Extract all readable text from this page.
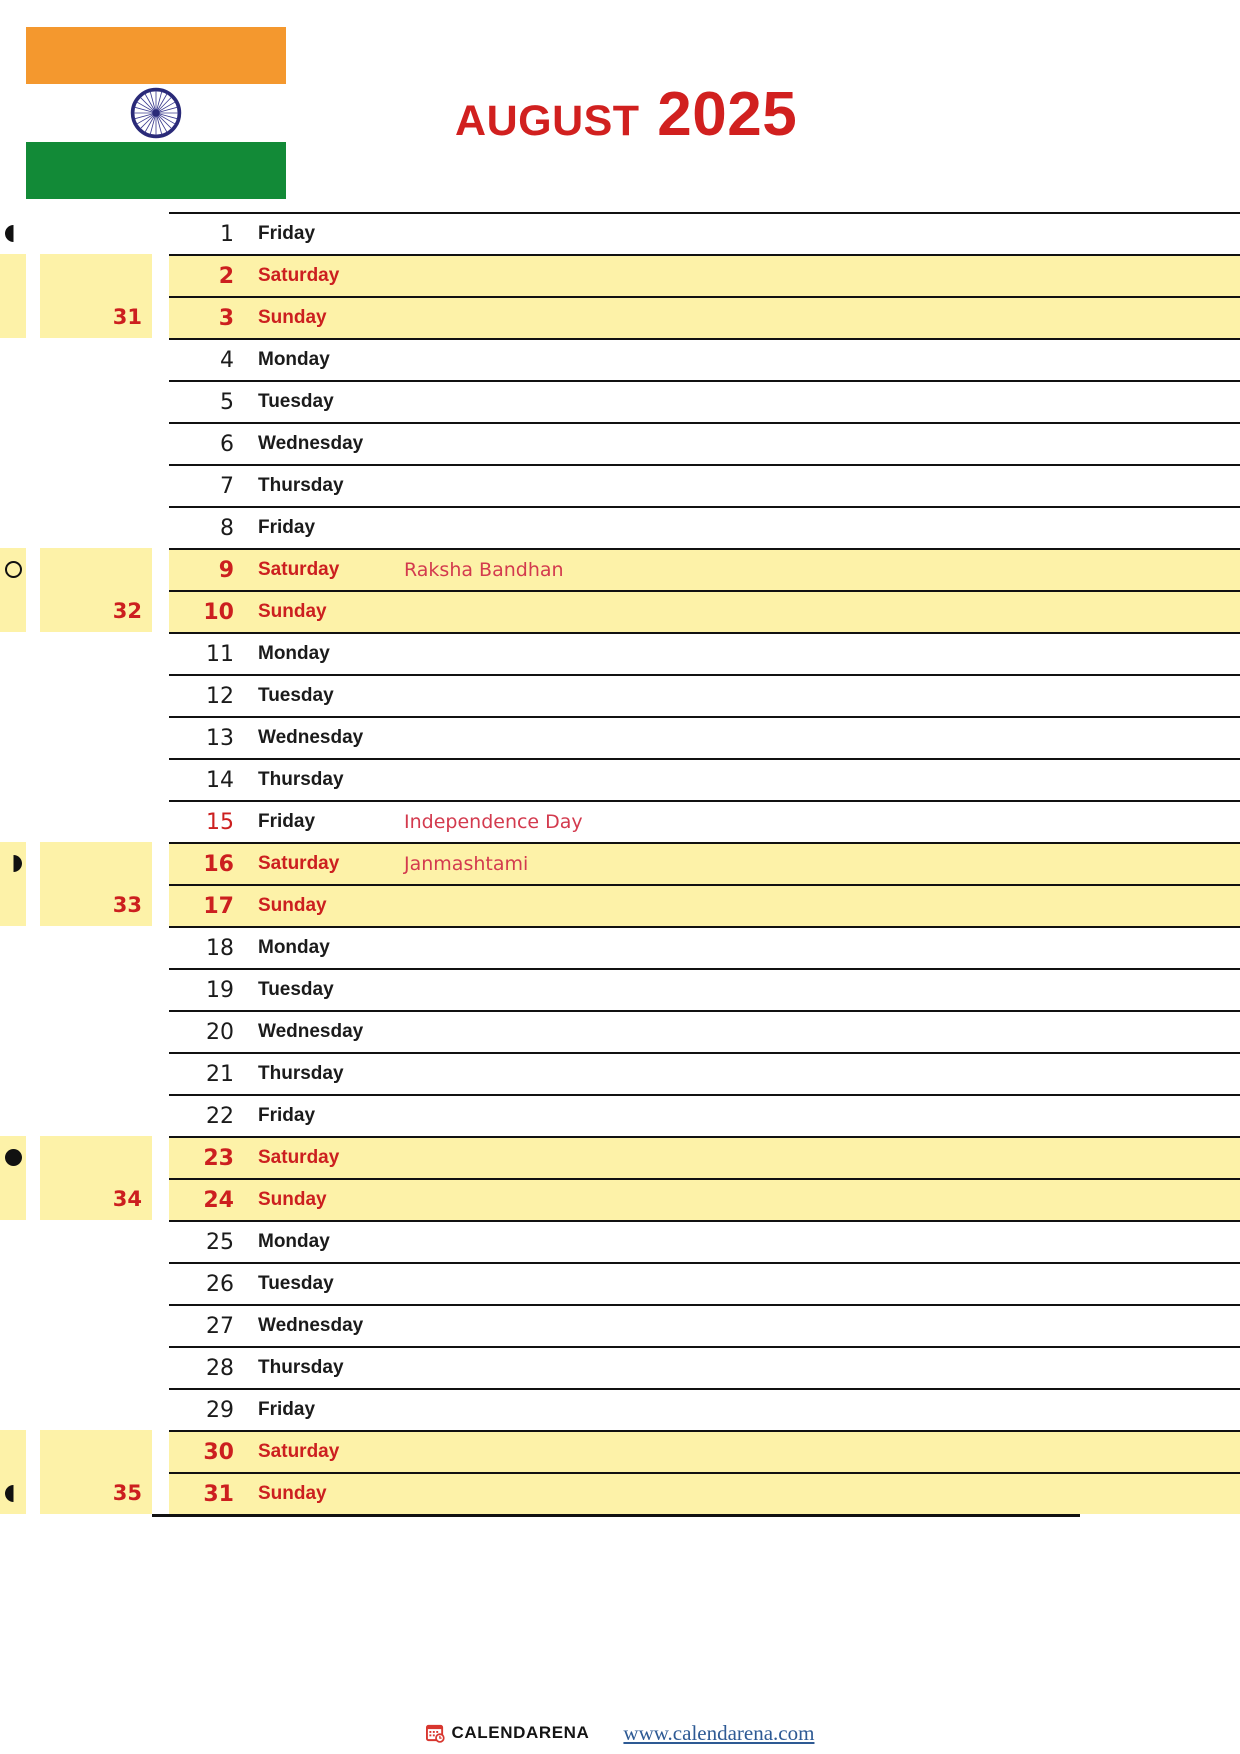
august 2025
1	Friday
2	Saturday
31	3	Sunday
4	Monday
5	Tuesday
6	Wednesday
7	Thursday
8	Friday
9	Saturday	Raksha Bandhan
32	10	Sunday
11	Monday
12	Tuesday
13	Wednesday
14	Thursday
15	Friday	Independence Day
16	Saturday	Janmashtami
33	17	Sunday
18	Monday
19	Tuesday
20	Wednesday
21	Thursday
22	Friday
23	Saturday
34	24	Sunday
25	Monday
26	Tuesday
27	Wednesday
28	Thursday
29	Friday
30	Saturday
35	31	Sunday
CALENDARENA www.calendarena.com
